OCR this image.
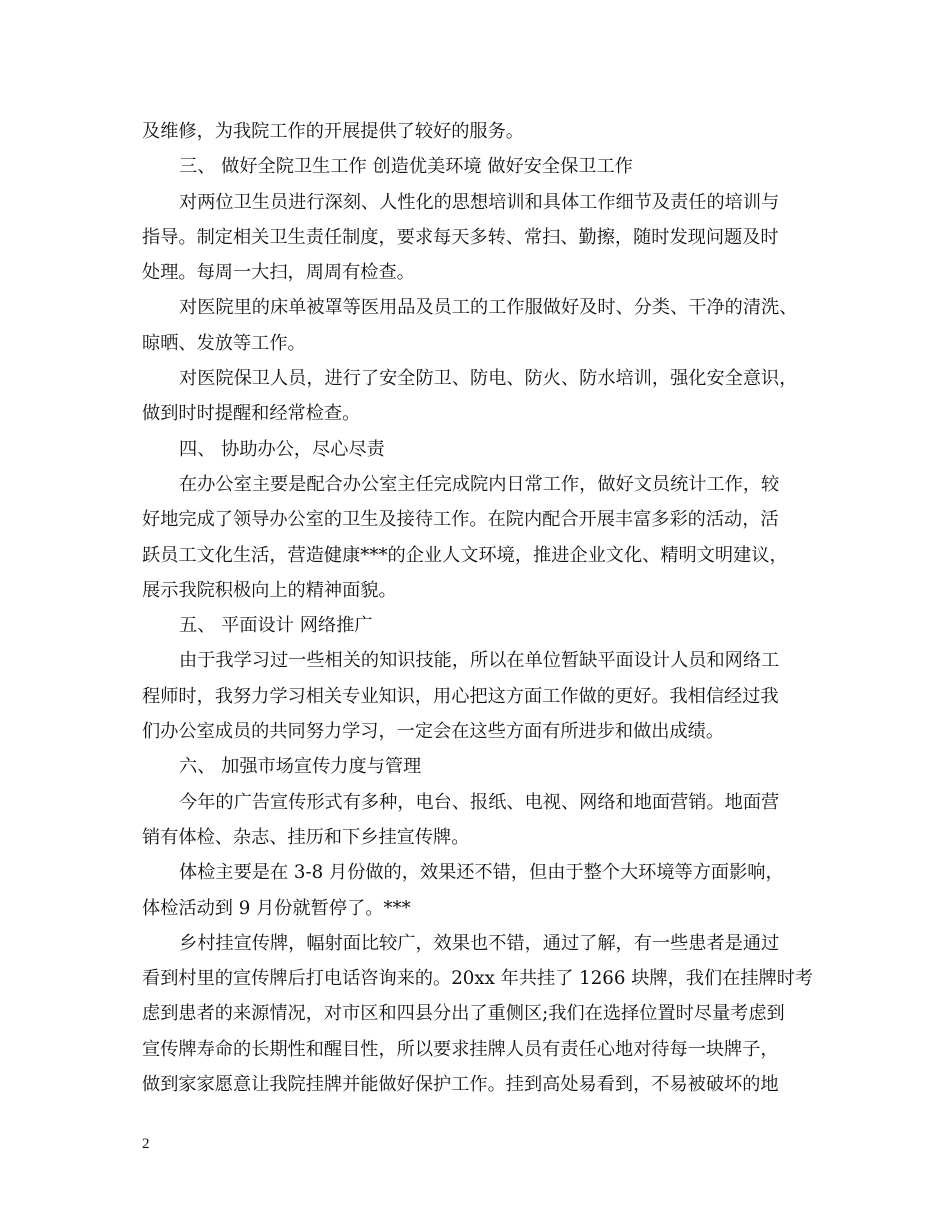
及维修，为我院工作的开展提供了较好的服务。
三、 做好全院卫生工作 创造优美环境 做好安全保卫工作
对两位卫生员进行深刻、人性化的思想培训和具体工作细节及责任的培训与
指导。制定相关卫生责任制度，要求每天多转、常扫、勤擦，随时发现问题及时
处理。每周一大扫，周周有检查。
对医院里的床单被罩等医用品及员工的工作服做好及时、分类、干净的清洗、
晾晒、发放等工作。
对医院保卫人员，进行了安全防卫、防电、防火、防水培训，强化安全意识，
做到时时提醒和经常检查。
四、 协助办公，尽心尽责
在办公室主要是配合办公室主任完成院内日常工作，做好文员统计工作，较
好地完成了领导办公室的卫生及接待工作。在院内配合开展丰富多彩的活动，活
跃员工文化生活，营造健康***的企业人文环境，推进企业文化、精明文明建议，
展示我院积极向上的精神面貌。
五、 平面设计 网络推广
由于我学习过一些相关的知识技能，所以在单位暂缺平面设计人员和网络工
程师时，我努力学习相关专业知识，用心把这方面工作做的更好。我相信经过我
们办公室成员的共同努力学习，一定会在这些方面有所进步和做出成绩。
六、 加强市场宣传力度与管理
今年的广告宣传形式有多种，电台、报纸、电视、网络和地面营销。地面营
销有体检、杂志、挂历和下乡挂宣传牌。
体检主要是在 3-8 月份做的，效果还不错，但由于整个大环境等方面影响，
体检活动到 9 月份就暂停了。***
乡村挂宣传牌，幅射面比较广，效果也不错，通过了解，有一些患者是通过
看到村里的宣传牌后打电话咨询来的。20xx 年共挂了 1266 块牌，我们在挂牌时考
虑到患者的来源情况，对市区和四县分出了重侧区;我们在选择位置时尽量考虑到
宣传牌寿命的长期性和醒目性，所以要求挂牌人员有责任心地对待每一块牌子，
做到家家愿意让我院挂牌并能做好保护工作。挂到高处易看到，不易被破坏的地
2
